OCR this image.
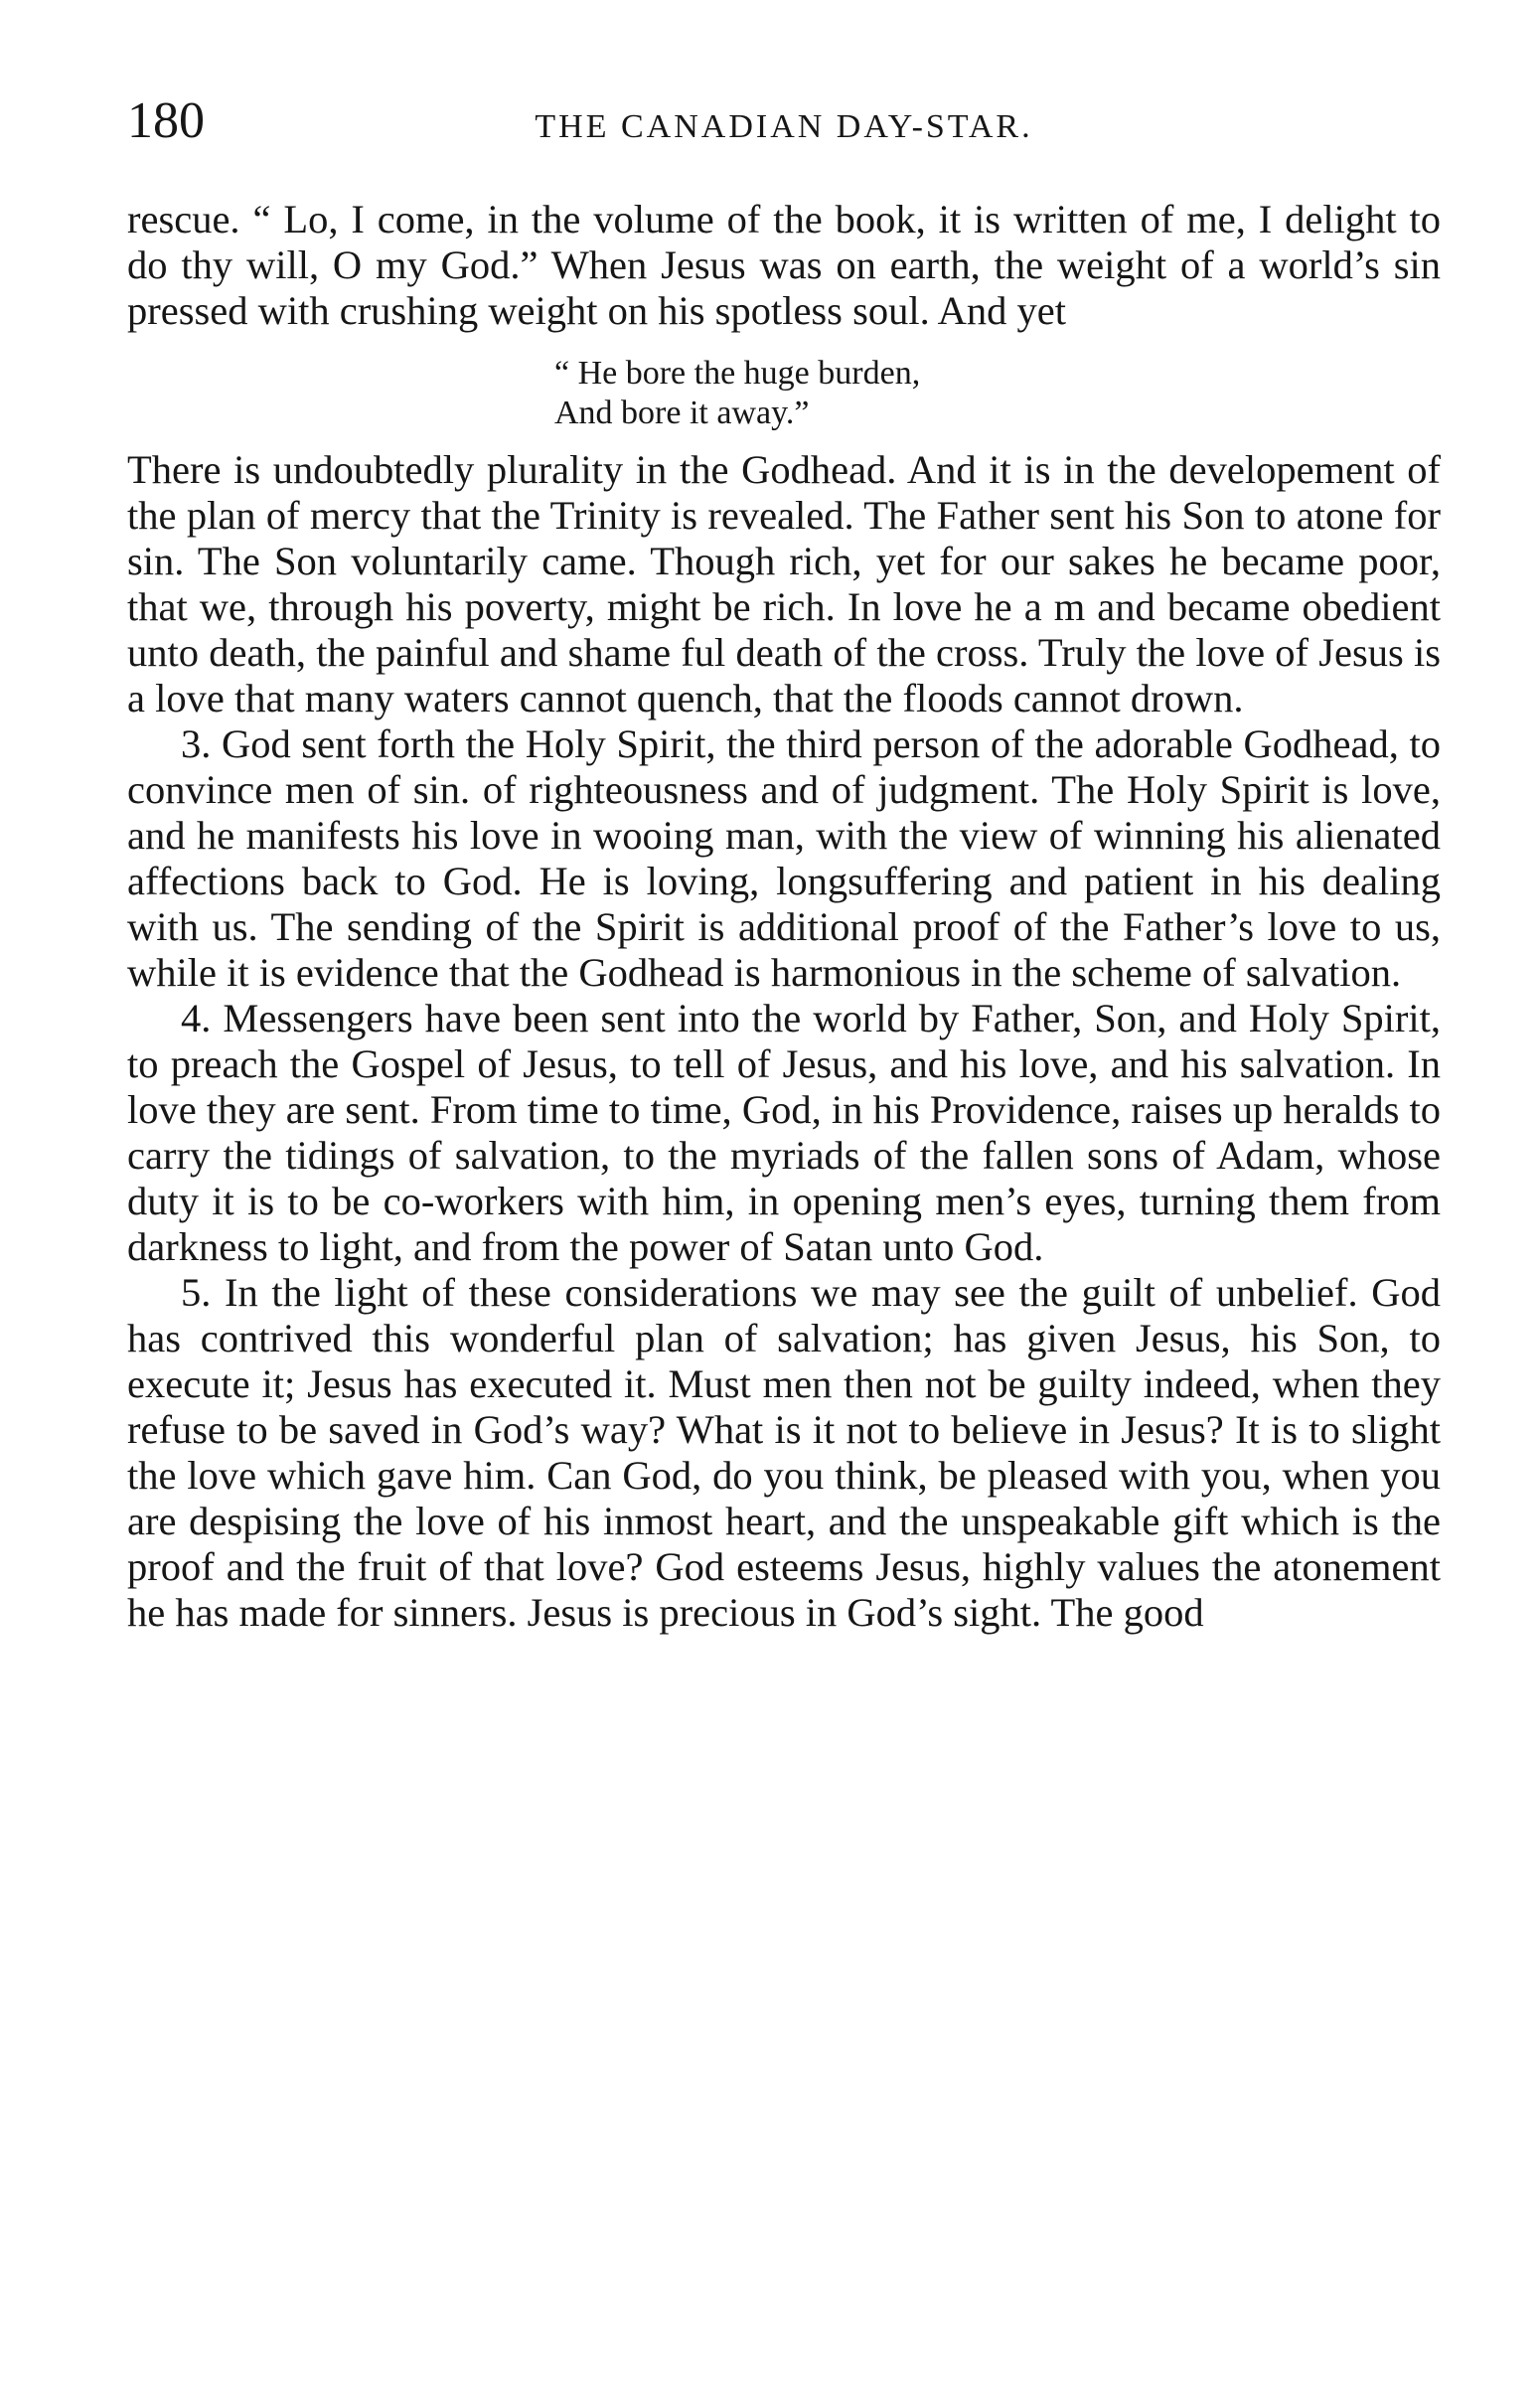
180	THE CANADIAN DAY-STAR.

rescue. “ Lo, I come, in the volume of the book, it is written of me, I delight to do thy will, O my God.” When Jesus was on earth, the weight of a world’s sin pressed with crushing weight on his spotless soul. And yet

“ He bore the huge burden,
And bore it away.”

There is undoubtedly plurality in the Godhead. And it is in the developement of the plan of mercy that the Trinity is revealed. The Father sent his Son to atone for sin. The Son voluntarily came. Though rich, yet for our sakes he became poor, that we, through his poverty, might be rich. In love he a m and became obedient unto death, the painful and shame ful death of the cross. Truly the love of Jesus is a love that many waters cannot quench, that the floods cannot drown.

3. God sent forth the Holy Spirit, the third person of the adorable Godhead, to convince men of sin. of righteousness and of judgment. The Holy Spirit is love, and he manifests his love in wooing man, with the view of winning his alienated affections back to God. He is loving, longsuffering and patient in his dealing with us. The sending of the Spirit is additional proof of the Father’s love to us, while it is evidence that the Godhead is harmonious in the scheme of salvation.

4. Messengers have been sent into the world by Father, Son, and Holy Spirit, to preach the Gospel of Jesus, to tell of Jesus, and his love, and his salvation. In love they are sent. From time to time, God, in his Providence, raises up heralds to carry the tidings of salvation, to the myriads of the fallen sons of Adam, whose duty it is to be co-workers with him, in opening men’s eyes, turning them from darkness to light, and from the power of Satan unto God.

5. In the light of these considerations we may see the guilt of unbelief. God has contrived this wonderful plan of salvation; has given Jesus, his Son, to execute it; Jesus has executed it. Must men then not be guilty indeed, when they refuse to be saved in God’s way? What is it not to believe in Jesus? It is to slight the love which gave him. Can God, do you think, be pleased with you, when you are despising the love of his inmost heart, and the unspeakable gift which is the proof and the fruit of that love? God esteems Jesus, highly values the atonement he has made for sinners. Jesus is precious in God’s sight. The good
